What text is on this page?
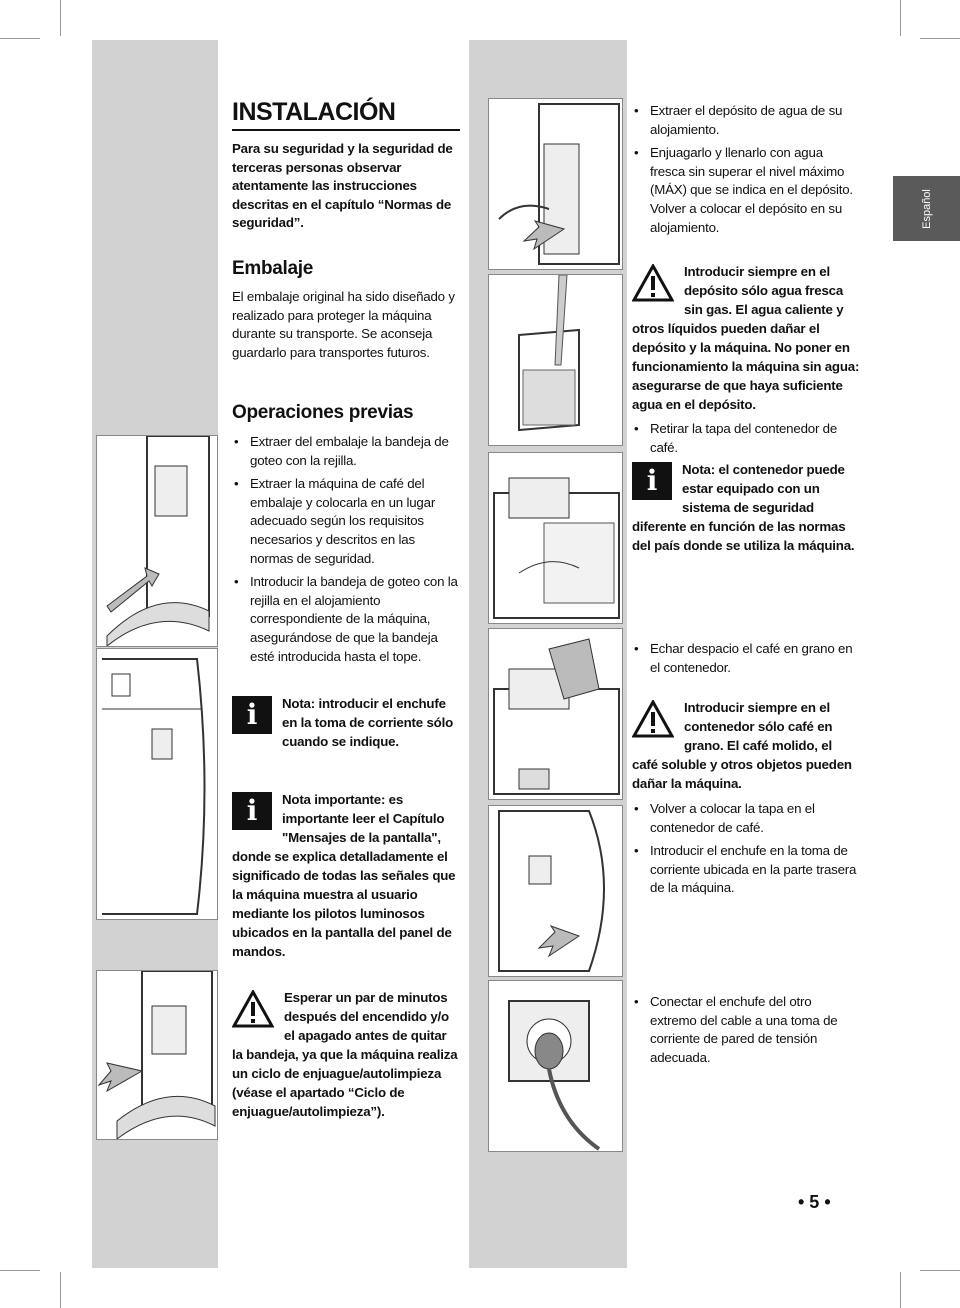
Español
INSTALACIÓN
Para su seguridad y la seguridad de terceras personas observar atentamente las instrucciones descritas en el capítulo “Normas de seguridad”.
Embalaje
El embalaje original ha sido diseñado y realizado para proteger la máquina durante su transporte. Se aconseja guardarlo para transportes futuros.
Operaciones previas
• Extraer del embalaje la bandeja de goteo con la rejilla.
• Extraer la máquina de café del embalaje y colocarla en un lugar adecuado según los requisitos necesarios y descritos en las normas de seguridad.
• Introducir la bandeja de goteo con la rejilla en el alojamiento correspondiente de la máquina, asegurándose de que la bandeja esté introducida hasta el tope.
i	Nota: introducir el enchufe en la toma de corriente sólo cuando se indique.
i	Nota importante: es importante leer el Capítulo "Mensajes de la pantalla", donde se explica detalladamente el significado de todas las señales que la máquina muestra al usuario mediante los pilotos luminosos ubicados en la pantalla del panel de mandos.
Esperar un par de minutos después del encendido y/o el apagado antes de quitar la bandeja, ya que la máquina realiza un ciclo de enjuague/autolimpieza (véase el apartado “Ciclo de enjuague/autolimpieza”).
• Extraer el depósito de agua de su alojamiento.
• Enjuagarlo y llenarlo con agua fresca sin superar el nivel máximo (MÁX) que se indica en el depósito. Volver a colocar el depósito en su alojamiento.
Introducir siempre en el depósito sólo agua fresca sin gas. El agua caliente y otros líquidos pueden dañar el depósito y la máquina. No poner en funcionamiento la máquina sin agua: asegurarse de que haya suficiente agua en el depósito.
• Retirar la tapa del contenedor de café.
i	Nota: el contenedor puede estar equipado con un sistema de seguridad diferente en función de las normas del país donde se utiliza la máquina.
• Echar despacio el café en grano en el contenedor.
Introducir siempre en el contenedor sólo café en grano. El café molido, el café soluble y otros objetos pueden dañar la máquina.
• Volver a colocar la tapa en el contenedor de café.
• Introducir el enchufe en la toma de corriente ubicada en la parte trasera de la máquina.
• Conectar el enchufe del otro extremo del cable a una toma de corriente de pared de tensión adecuada.
• 5 •
